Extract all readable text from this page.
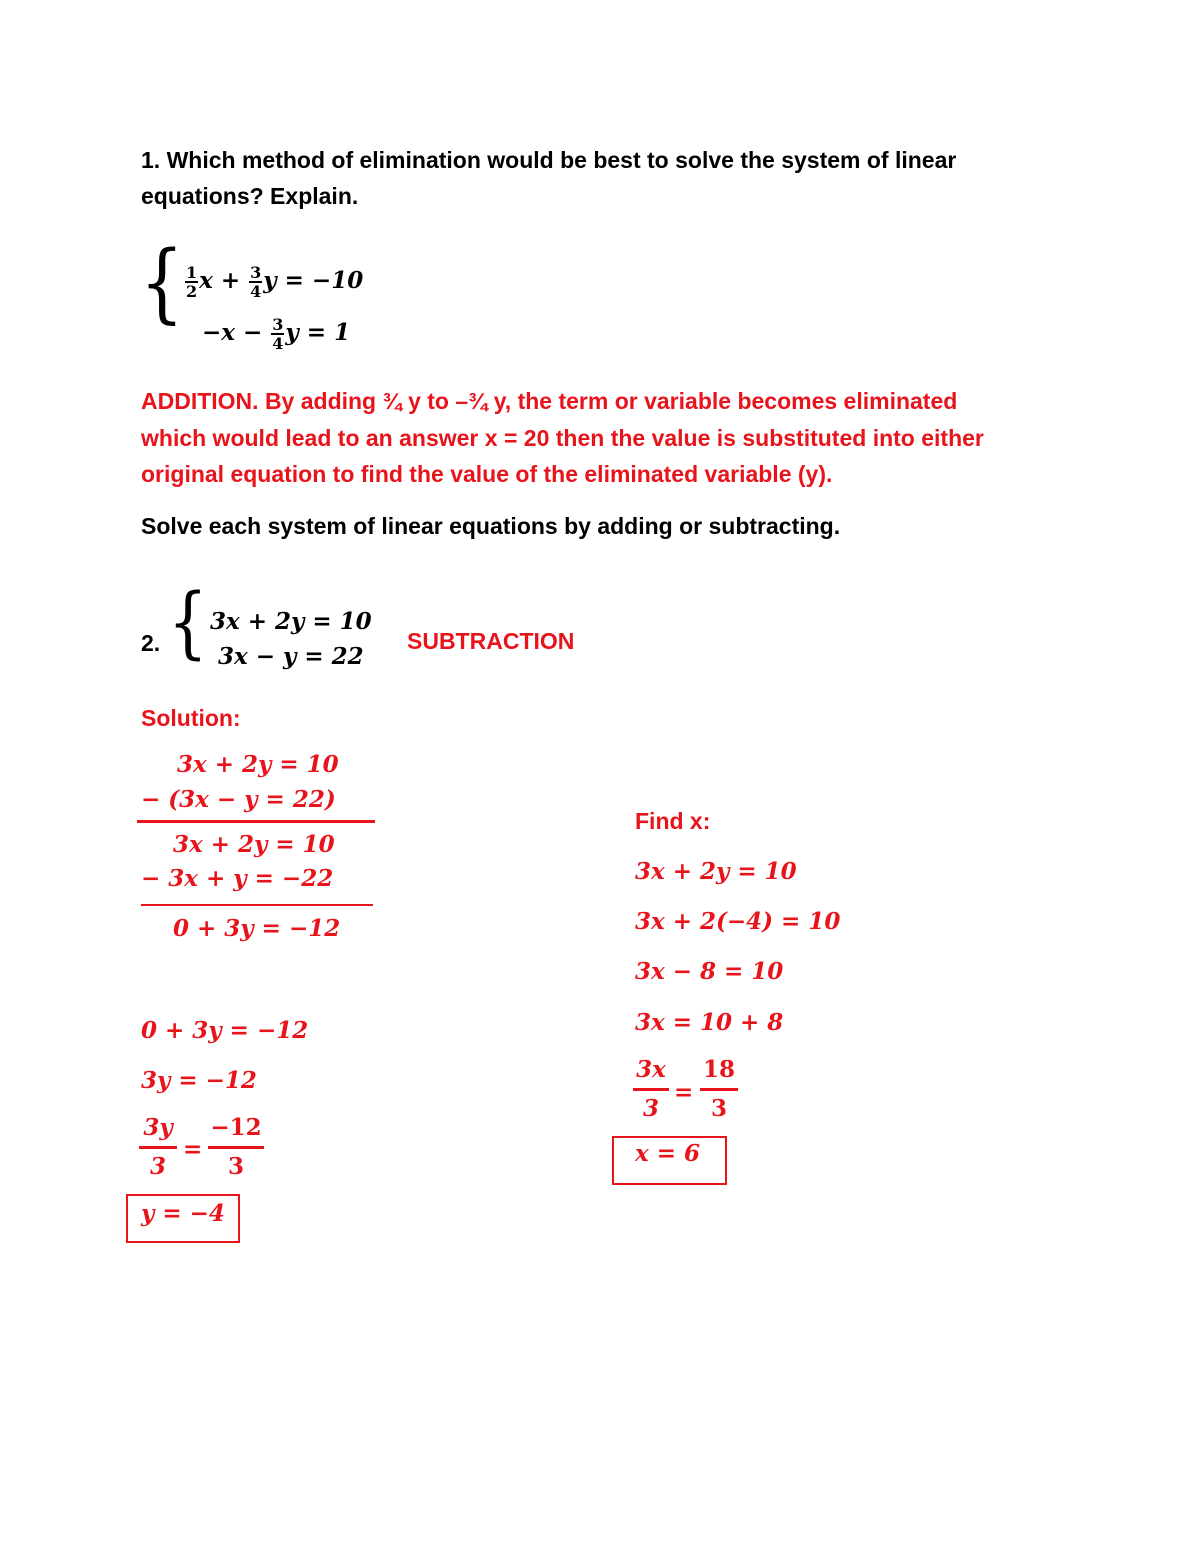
1. Which method of elimination would be best to solve the system of linear
equations? Explain.
{ $\frac{1}{2}$ $x + \frac{3}{4}$ y = −10
$-x - \frac{3}{4}$ y = 1
ADDITION. By adding ¾ y to –¾ y, the term or variable becomes eliminated
which would lead to an answer x = 20 then the value is substituted into either
original equation to find the value of the eliminated variable (y).
Solve each system of linear equations by adding or subtracting.
2. { 3x + 2y = 10
3x − y = 22
SUBTRACTION
Solution:
3x + 2y = 10
− (3x − y = 22)
3x + 2y = 10
− 3x + y = −22
0 + 3y = −12
0 + 3y = −12
3y = −12
3y
3
=
−12
3
y = −4
Find x:
3x + 2y = 10
3x + 2(−4) = 10
3x − 8 = 10
3x = 10 + 8
3x
3
=
18
3
x = 6
